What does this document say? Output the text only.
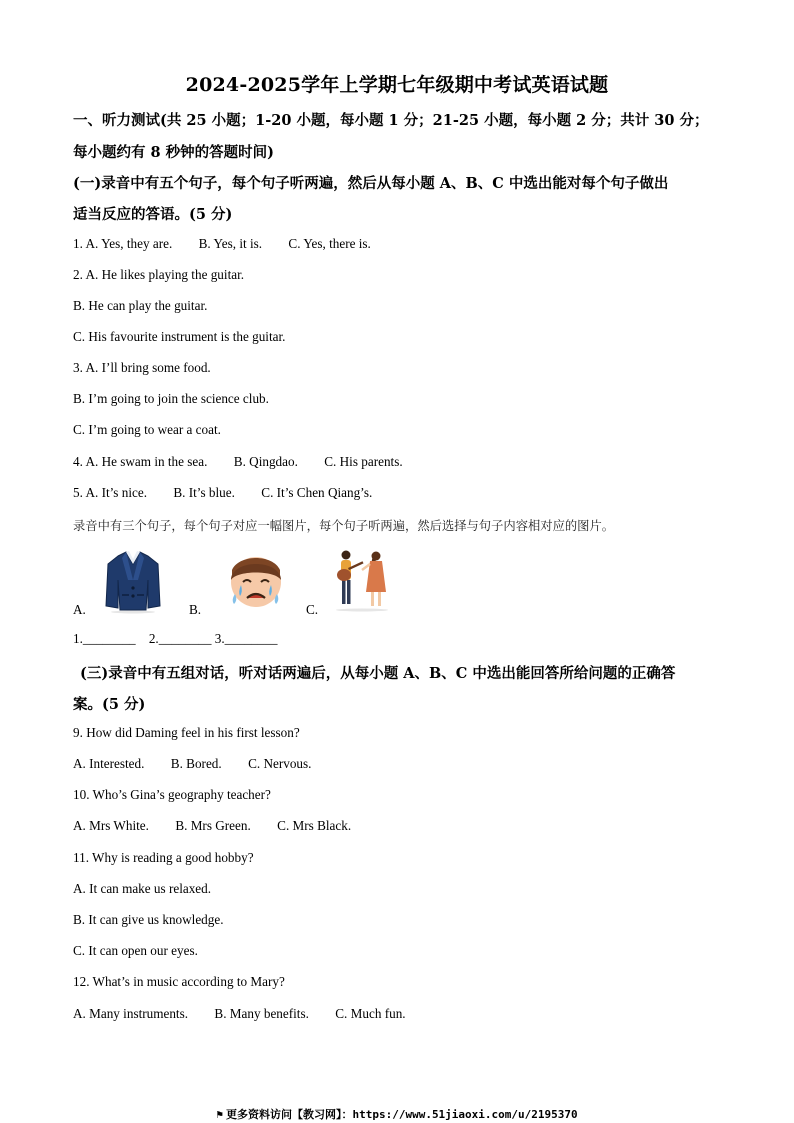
2024-2025学年上学期七年级期中考试英语试题
一、听力测试(共 25 小题；1-20 小题，每小题 1 分；21-25 小题，每小题 2 分；共计 30 分；
每小题约有 8 秒钟的答题时间)
(一)录音中有五个句子，每个句子听两遍，然后从每小题 A、B、C 中选出能对每个句子做出
适当反应的答语。(5 分)
1. A. Yes, they are.        B. Yes, it is.        C. Yes, there is.
2. A. He likes playing the guitar.
B. He can play the guitar.
C. His favourite instrument is the guitar.
3. A. I’ll bring some food.
B. I’m going to join the science club.
C. I’m going to wear a coat.
4. A. He swam in the sea.        B. Qingdao.        C. His parents.
5. A. It’s nice.        B. It’s blue.        C. It’s Chen Qiang’s.
录音中有三个句子，每个句子对应一幅图片，每个句子听两遍，然后选择与句子内容相对应的图片。
A.	B.	C.
1.________    2.________ 3.________
(三)录音中有五组对话，听对话两遍后，从每小题 A、B、C 中选出能回答所给问题的正确答
案。(5 分)
9. How did Daming feel in his first lesson?
A. Interested.        B. Bored.        C. Nervous.
10. Who’s Gina’s geography teacher?
A. Mrs White.        B. Mrs Green.        C. Mrs Black.
11. Why is reading a good hobby?
A. It can make us relaxed.
B. It can give us knowledge.
C. It can open our eyes.
12. What’s in music according to Mary?
A. Many instruments.        B. Many benefits.        C. Much fun.
⚑ 更多资料访问【教习网】：https://www.51jiaoxi.com/u/2195370
